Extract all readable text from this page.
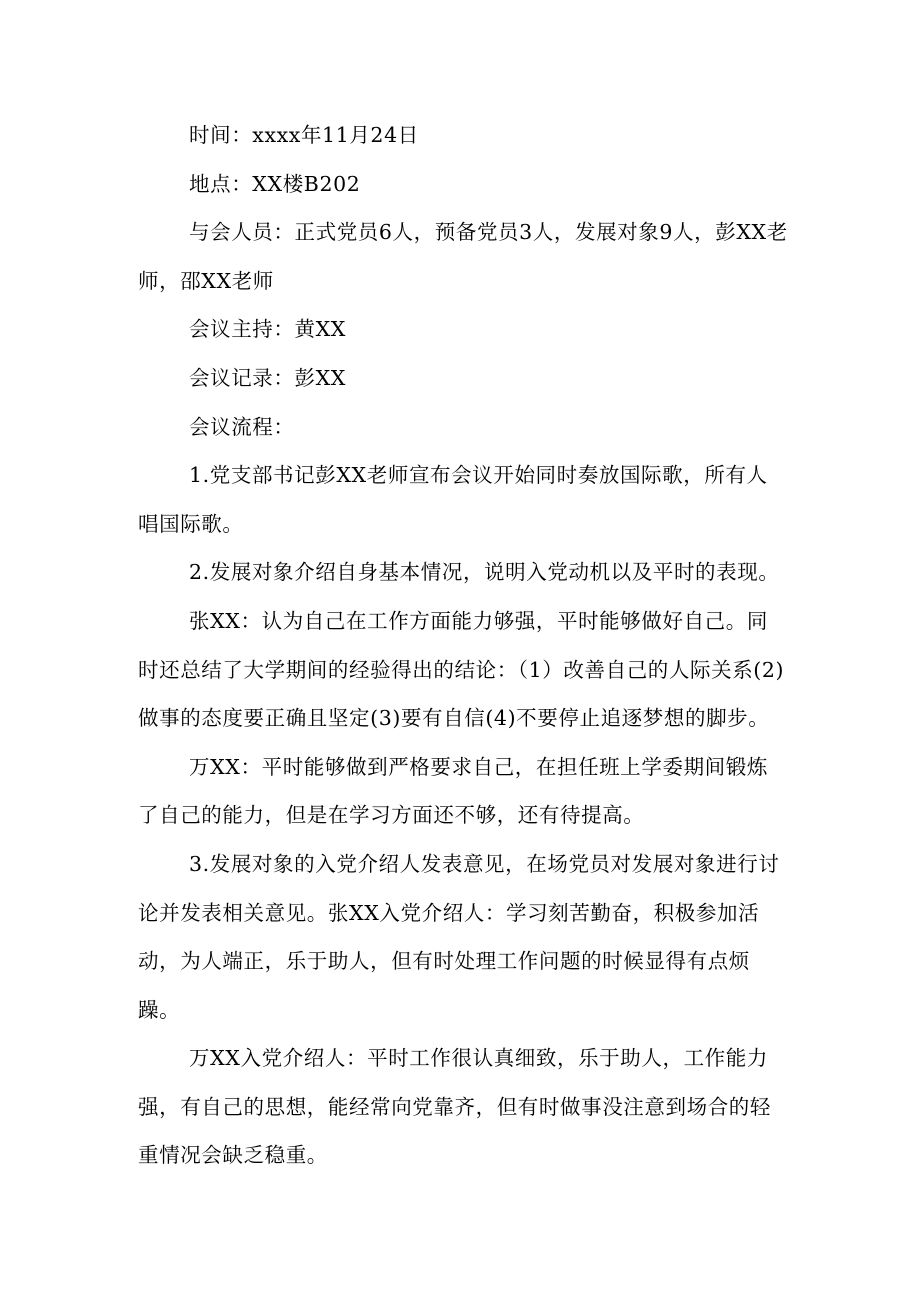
时间：xxxx年11月24日

地点：XX楼B202

与会人员：正式党员6人，预备党员3人，发展对象9人，彭XX老师，邵XX老师

会议主持：黄XX

会议记录：彭XX

会议流程：

1.党支部书记彭XX老师宣布会议开始同时奏放国际歌，所有人唱国际歌。

2.发展对象介绍自身基本情况，说明入党动机以及平时的表现。

张XX：认为自己在工作方面能力够强，平时能够做好自己。同时还总结了大学期间的经验得出的结论：（1）改善自己的人际关系(2)做事的态度要正确且坚定(3)要有自信(4)不要停止追逐梦想的脚步。

万XX：平时能够做到严格要求自己，在担任班上学委期间锻炼了自己的能力，但是在学习方面还不够，还有待提高。

3.发展对象的入党介绍人发表意见，在场党员对发展对象进行讨论并发表相关意见。张XX入党介绍人：学习刻苦勤奋，积极参加活动，为人端正，乐于助人，但有时处理工作问题的时候显得有点烦躁。

万XX入党介绍人：平时工作很认真细致，乐于助人，工作能力强，有自己的思想，能经常向党靠齐，但有时做事没注意到场合的轻重情况会缺乏稳重。
